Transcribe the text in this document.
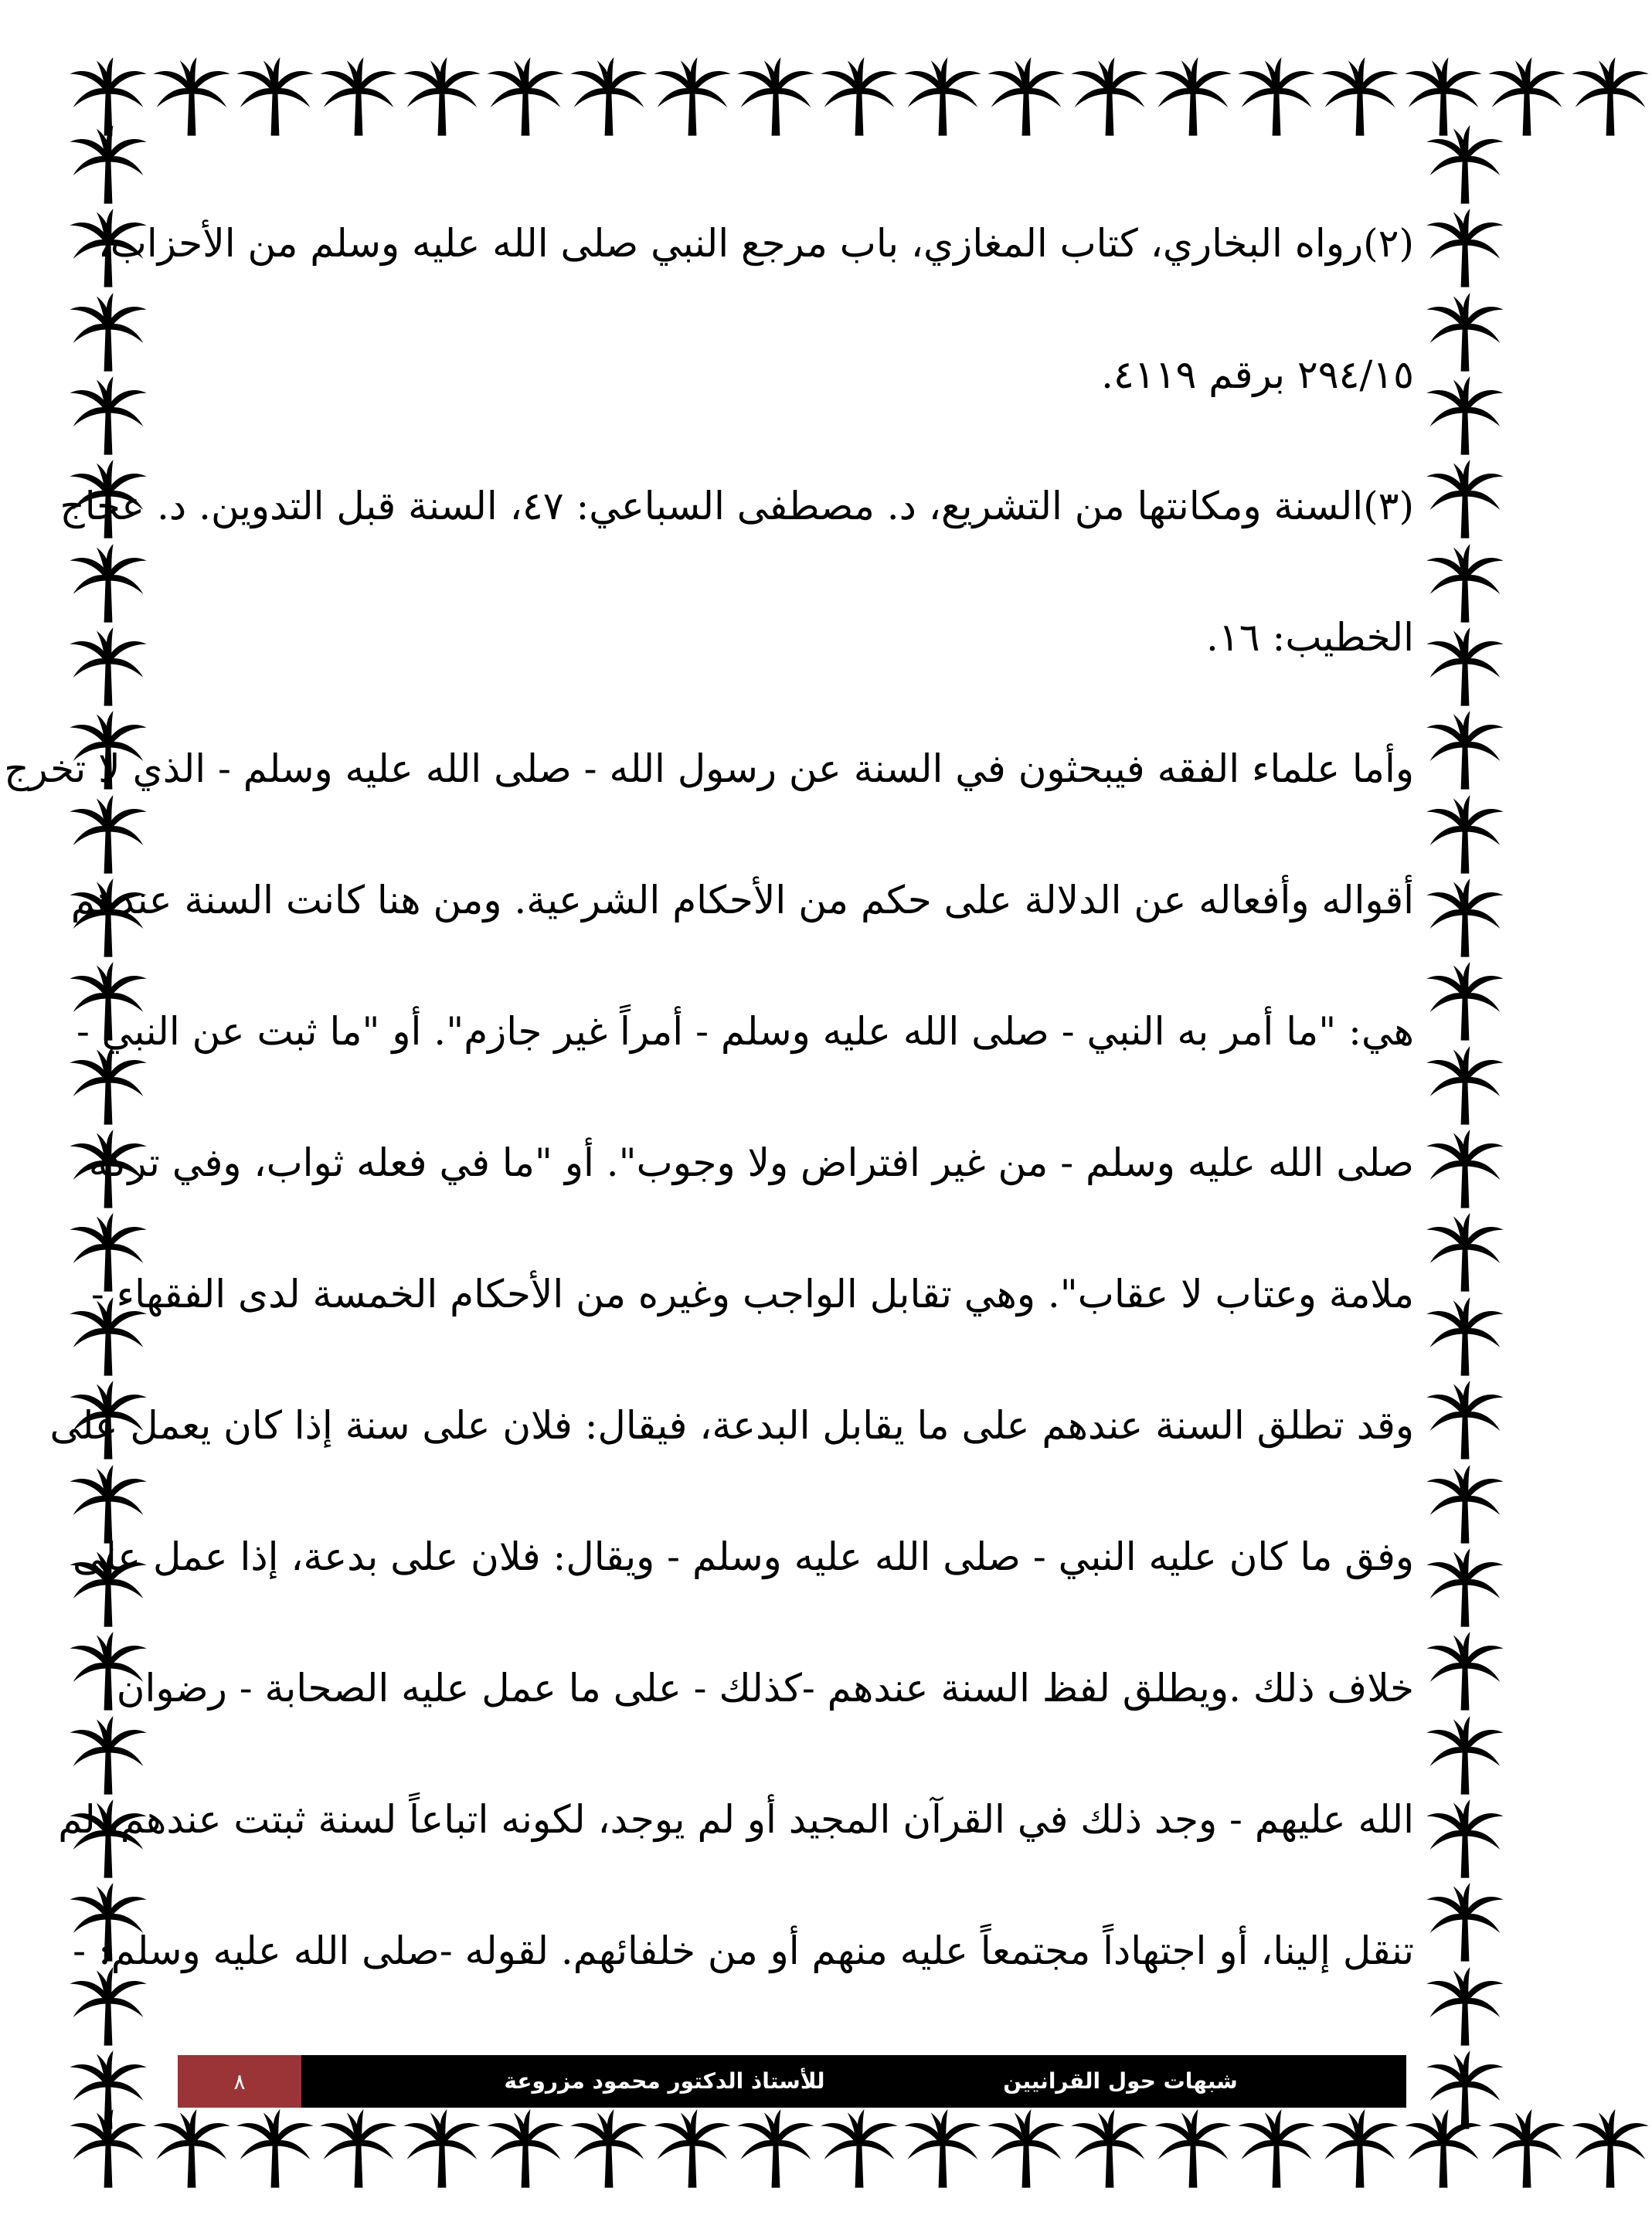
(٢)رواه البخاري، كتاب المغازي، باب مرجع النبي صلى الله عليه وسلم من الأحزاب،
٢٩٤/١٥ برقم ٤١١٩.
(٣)السنة ومكانتها من التشريع، د. مصطفى السباعي: ٤٧، السنة قبل التدوين. د. عجاج
الخطيب: ١٦.
وأما علماء الفقه فيبحثون في السنة عن رسول الله - صلى الله عليه وسلم - الذي لا تخرج
أقواله وأفعاله عن الدلالة على حكم من الأحكام الشرعية. ومن هنا كانت السنة عندهم
هي: "ما أمر به النبي - صلى الله عليه وسلم - أمراً غير جازم". أو "ما ثبت عن النبي -
صلى الله عليه وسلم - من غير افتراض ولا وجوب". أو "ما في فعله ثواب، وفي تركه
ملامة وعتاب لا عقاب". وهي تقابل الواجب وغيره من الأحكام الخمسة لدى الفقهاء -
وقد تطلق السنة عندهم على ما يقابل البدعة، فيقال: فلان على سنة إذا كان يعمل على
وفق ما كان عليه النبي - صلى الله عليه وسلم - ويقال: فلان على بدعة، إذا عمل على
خلاف ذلك .ويطلق لفظ السنة عندهم -كذلك - على ما عمل عليه الصحابة - رضوان
الله عليهم - وجد ذلك في القرآن المجيد أو لم يوجد، لكونه اتباعاً لسنة ثبتت عندهم، لم
تنقل إلينا، أو اجتهاداً مجتمعاً عليه منهم أو من خلفائهم. لقوله -صلى الله عليه وسلم: -
٨	للأستاذ الدكتور محمود مزروعة	شبهات حول القرانيين
